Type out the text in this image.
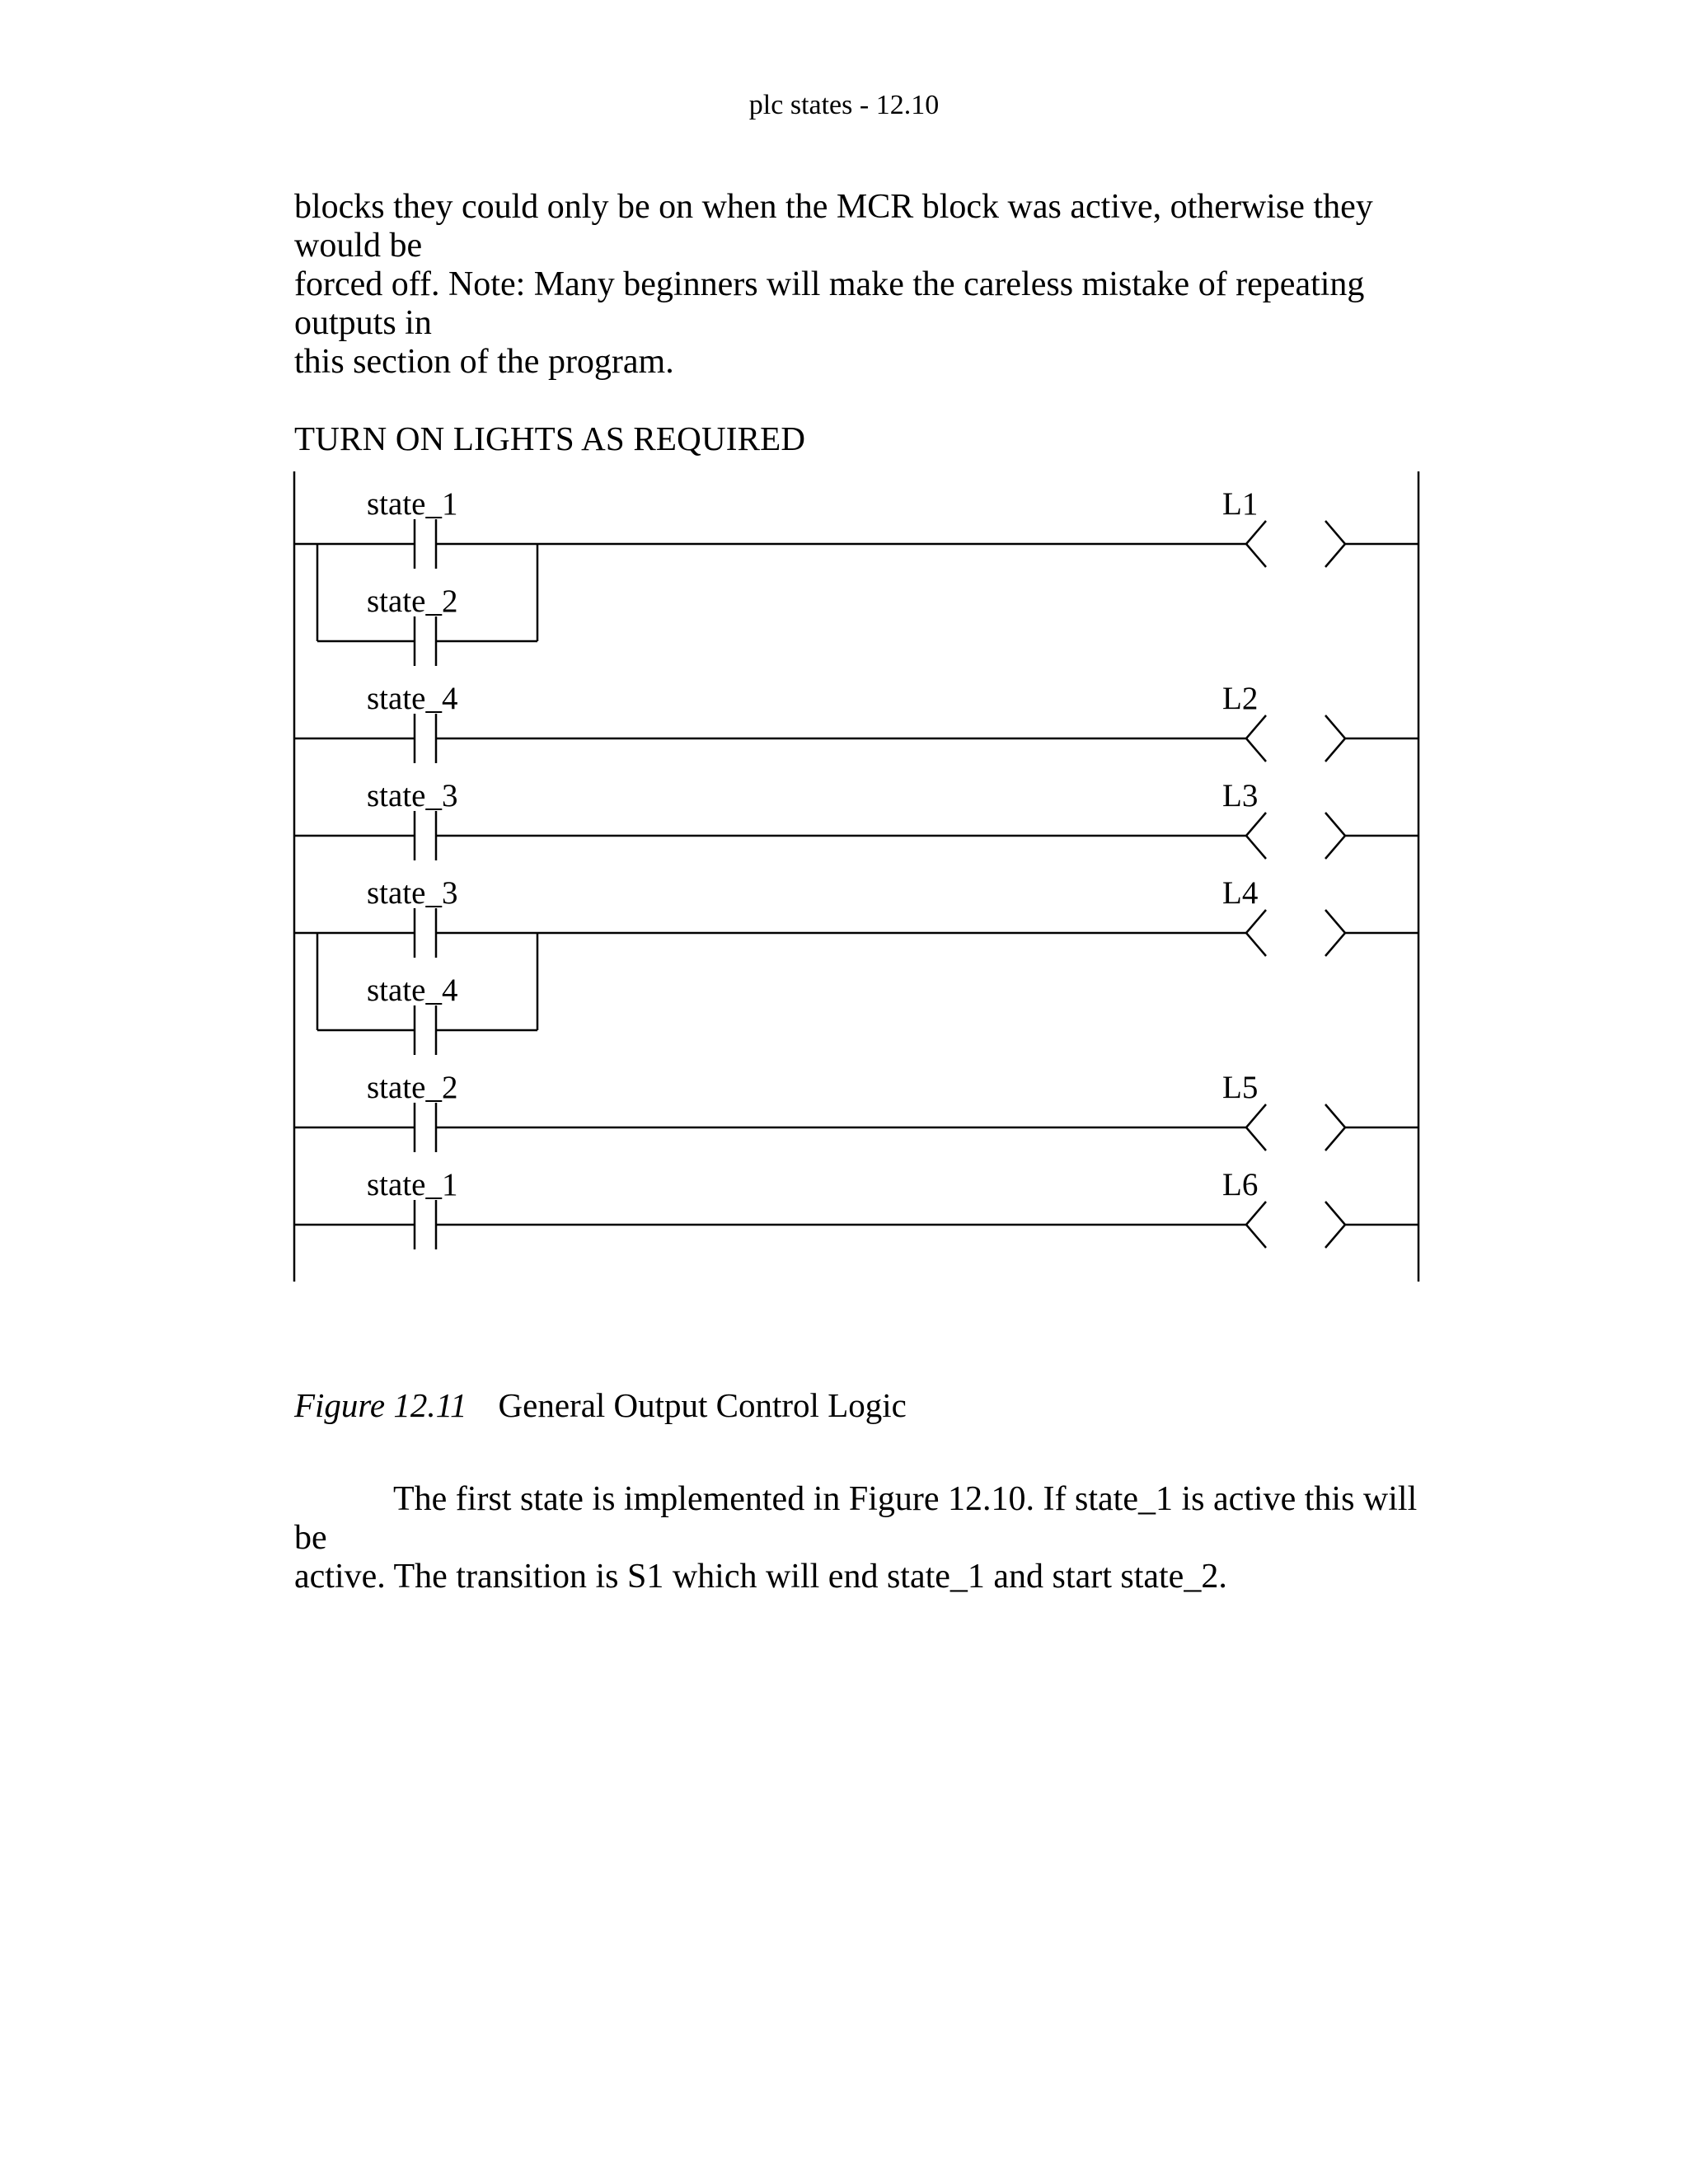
plc states - 12.10

blocks they could only be on when the MCR block was active, otherwise they would be
forced off. Note: Many beginners will make the careless mistake of repeating outputs in
this section of the program.

TURN ON LIGHTS AS REQUIRED
state_1	L1
state_2
state_4	L2
state_3	L3
state_3	L4
state_4
state_2	L5
state_1	L6
Figure 12.11 General Output Control Logic

The first state is implemented in Figure 12.10. If state_1 is active this will be
active. The transition is S1 which will end state_1 and start state_2.
